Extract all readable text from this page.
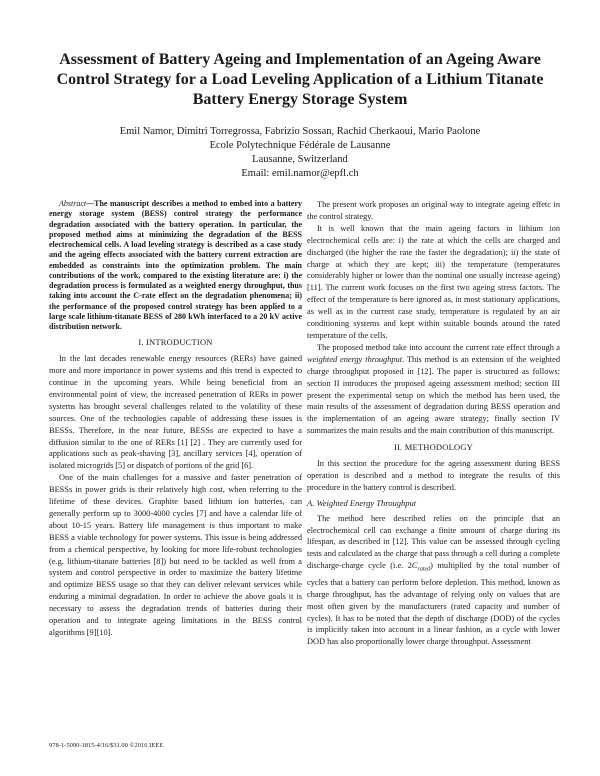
Assessment of Battery Ageing and Implementation of an Ageing Aware Control Strategy for a Load Leveling Application of a Lithium Titanate Battery Energy Storage System
Emil Namor, Dimitri Torregrossa, Fabrizio Sossan, Rachid Cherkaoui, Mario Paolone
Ecole Polytechnique Fédérale de Lausanne
Lausanne, Switzerland
Email: emil.namor@epfl.ch

Abstract—The manuscript describes a method to embed into a battery energy storage system (BESS) control strategy the performance degradation associated with the battery operation. In particular, the proposed method aims at minimizing the degradation of the BESS electrochemical cells. A load leveling strategy is described as a case study and the ageing effects associated with the battery current extraction are embedded as constraints into the optimization problem. The main contributions of the work, compared to the existing literature are: i) the degradation process is formulated as a weighted energy throughput, thus taking into account the C-rate effect on the degradation phenomena; ii) the performance of the proposed control strategy has been applied to a large scale lithium-titanate BESS of 280 kWh interfaced to a 20 kV active distribution network.

I. INTRODUCTION

In the last decades renewable energy resources (RERs) have gained more and more importance in power systems and this trend is expected to continue in the upcoming years. While being beneficial from an environmental point of view, the increased penetration of RERs in power systems has brought several challenges related to the volatility of these sources. One of the technologies capable of addressing these issues is BESSs. Therefore, in the near future, BESSs are expected to have a diffusion similar to the one of RERs [1] [2] . They are currently used for applications such as peak-shaving [3], ancillary services [4], operation of isolated microgrids [5] or dispatch of portions of the grid [6].

One of the main challenges for a massive and faster penetration of BESSs in power grids is their relatively high cost, when referring to the lifetime of these devices. Graphite based lithium ion batteries, can generally perform up to 3000-4000 cycles [7] and have a calendar life of about 10-15 years. Battery life management is thus important to make BESS a viable technology for power systems. This issue is being addressed from a chemical perspective, by looking for more life-robust technologies (e.g. lithium-titanate batteries [8]) but need to be tackled as well from a system and control perspective in order to maximize the battery lifetime and optimize BESS usage so that they can deliver relevant services while enduring a minimal degradation. In order to achieve the above goals it is necessary to assess the degradation trends of batteries during their operation and to integrate ageing limitations in the BESS control algorithms [9][10].

The present work proposes an original way to integrate ageing effetc in the control strategy.

It is well known that the main ageing factors in lithium ion electrochemical cells are: i) the rate at which the cells are charged and discharged (the higher the rate the faster the degradation); ii) the state of charge at which they are kept; iii) the temperature (temperatures considerably higher or lower than the nominal one usually increase ageing) [11]. The current work focuses on the first two ageing stress factors. The effect of the temperature is here ignored as, in most stationary applications, as well as in the current case study, temperature is regulated by an air conditioning systems and kept within suitable bounds around the rated temperature of the cells.

The proposed method take into account the current rate effect through a weighted energy throughput. This method is an extension of the weighted charge throughput proposed in [12]. The paper is structured as follows: section II introduces the proposed ageing assessment method; section III present the experimental setup on which the method has been used, the main results of the assessment of degradation during BESS operation and the implementation of an ageing aware strategy; finally section IV summarizes the main results and the main contribution of this manuscript.

II. METHODOLOGY

In this section the procedure for the ageing assessment during BESS operation is described and a method to integrate the results of this procedure in the battery control is described.

A. Weighted Energy Throughput

The method here described relies on the principle that an electrochemical cell can exchange a finite amount of charge during its lifespan, as described in [12]. This value can be assessed through cycling tests and calculated as the charge that pass through a cell during a complete discharge-charge cycle (i.e. $2C_{rated}$) multiplied by the total number of cycles that a battery can perform before depletion. This method, known as charge throughput, has the advantage of relying only on values that are most often given by the manufacturers (rated capacity and number of cycles). It has to be noted that the depth of discharge (DOD) of the cycles is implicitly taken into account in a linear fashion, as a cycle with lower DOD has also proportionally lower charge throughput. Assessment

978-1-5090-1815-4/16/$31.00 ©2016 IEEE
